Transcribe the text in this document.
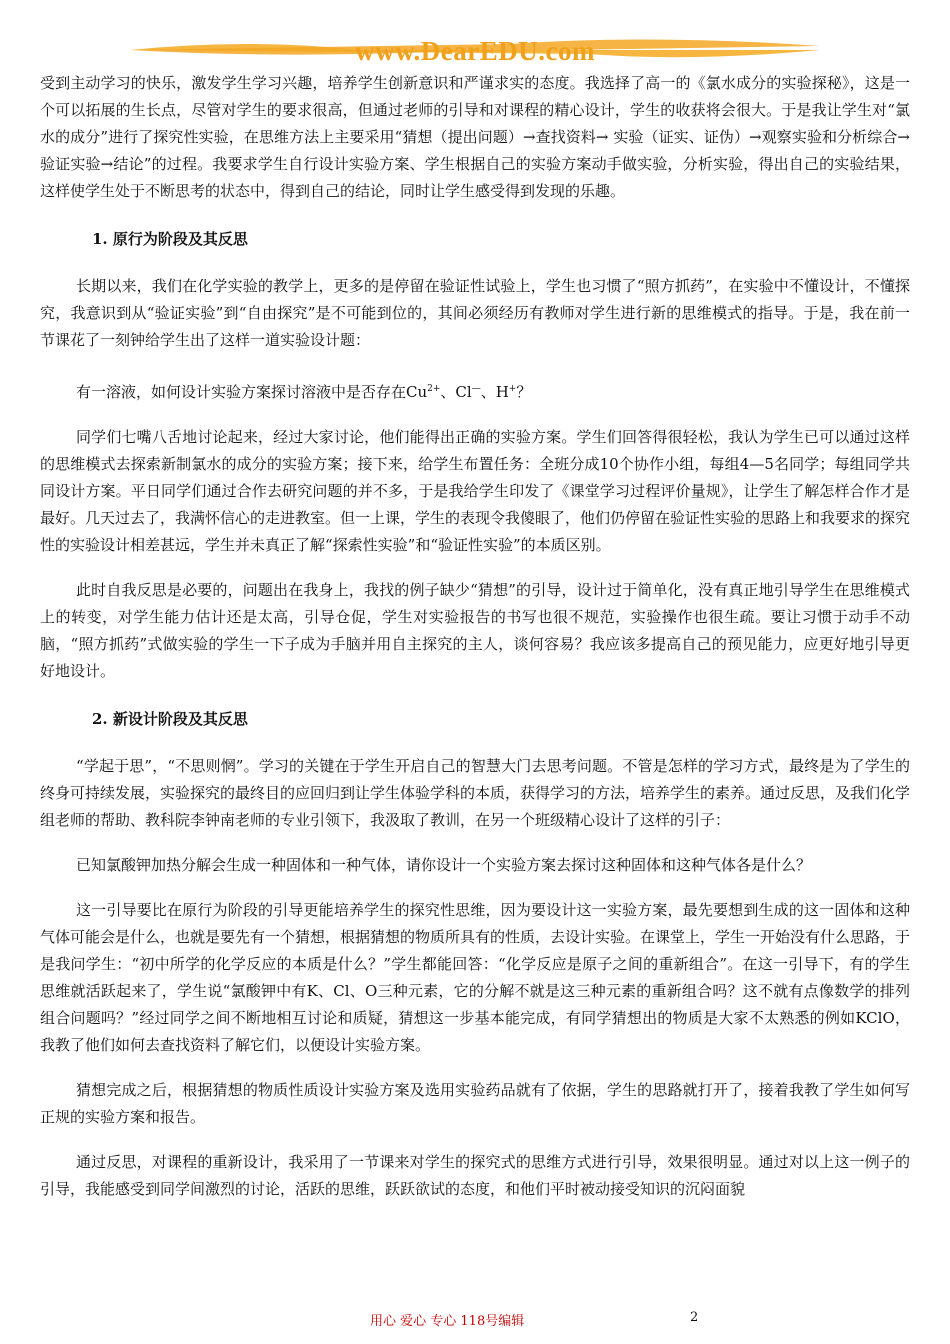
www.DearEDU.com

受到主动学习的快乐，激发学生学习兴趣，培养学生创新意识和严谨求实的态度。我选择了高一的《氯水成分的实验探秘》，这是一个可以拓展的生长点，尽管对学生的要求很高，但通过老师的引导和对课程的精心设计，学生的收获将会很大。于是我让学生对“氯水的成分”进行了探究性实验，在思维方法上主要采用“猜想（提出问题）→查找资料→ 实验（证实、证伪）→观察实验和分析综合→验证实验→结论”的过程。我要求学生自行设计实验方案、学生根据自己的实验方案动手做实验，分析实验，得出自己的实验结果，这样使学生处于不断思考的状态中，得到自己的结论，同时让学生感受得到发现的乐趣。

1. 原行为阶段及其反思

长期以来，我们在化学实验的教学上，更多的是停留在验证性试验上，学生也习惯了“照方抓药”，在实验中不懂设计，不懂探究，我意识到从“验证实验”到“自由探究”是不可能到位的，其间必须经历有教师对学生进行新的思维模式的指导。于是，我在前一节课花了一刻钟给学生出了这样一道实验设计题：

有一溶液，如何设计实验方案探讨溶液中是否存在$Cu^{2+}$、Cl—、H+？

同学们七嘴八舌地讨论起来，经过大家讨论，他们能得出正确的实验方案。学生们回答得很轻松，我认为学生已可以通过这样的思维模式去探索新制氯水的成分的实验方案；接下来，给学生布置任务：全班分成10个协作小组，每组4—5名同学；每组同学共同设计方案。平日同学们通过合作去研究问题的并不多，于是我给学生印发了《课堂学习过程评价量规》，让学生了解怎样合作才是最好。几天过去了，我满怀信心的走进教室。但一上课，学生的表现令我傻眼了，他们仍停留在验证性实验的思路上和我要求的探究性的实验设计相差甚远，学生并未真正了解“探索性实验”和“验证性实验”的本质区别。

此时自我反思是必要的，问题出在我身上，我找的例子缺少“猜想”的引导，设计过于简单化，没有真正地引导学生在思维模式上的转变，对学生能力估计还是太高，引导仓促，学生对实验报告的书写也很不规范，实验操作也很生疏。要让习惯于动手不动脑，“照方抓药”式做实验的学生一下子成为手脑并用自主探究的主人，谈何容易？我应该多提高自己的预见能力，应更好地引导更好地设计。

2. 新设计阶段及其反思

“学起于思”，“不思则惘”。学习的关键在于学生开启自己的智慧大门去思考问题。不管是怎样的学习方式，最终是为了学生的终身可持续发展，实验探究的最终目的应回归到让学生体验学科的本质，获得学习的方法，培养学生的素养。通过反思，及我们化学组老师的帮助、教科院李钟南老师的专业引领下，我汲取了教训，在另一个班级精心设计了这样的引子：

已知氯酸钾加热分解会生成一种固体和一种气体，请你设计一个实验方案去探讨这种固体和这种气体各是什么？

这一引导要比在原行为阶段的引导更能培养学生的探究性思维，因为要设计这一实验方案，最先要想到生成的这一固体和这种气体可能会是什么，也就是要先有一个猜想，根据猜想的物质所具有的性质，去设计实验。在课堂上，学生一开始没有什么思路，于是我问学生：“初中所学的化学反应的本质是什么？”学生都能回答：“化学反应是原子之间的重新组合”。在这一引导下，有的学生思维就活跃起来了，学生说“氯酸钾中有K、Cl、O三种元素，它的分解不就是这三种元素的重新组合吗？这不就有点像数学的排列组合问题吗？”经过同学之间不断地相互讨论和质疑，猜想这一步基本能完成，有同学猜想出的物质是大家不太熟悉的例如KClO，我教了他们如何去查找资料了解它们，以便设计实验方案。

猜想完成之后，根据猜想的物质性质设计实验方案及选用实验药品就有了依据，学生的思路就打开了，接着我教了学生如何写正规的实验方案和报告。

通过反思，对课程的重新设计，我采用了一节课来对学生的探究式的思维方式进行引导，效果很明显。通过对以上这一例子的引导，我能感受到同学间激烈的讨论，活跃的思维，跃跃欲试的态度，和他们平时被动接受知识的沉闷面貌

用心 爱心 专心 118号编辑	2
